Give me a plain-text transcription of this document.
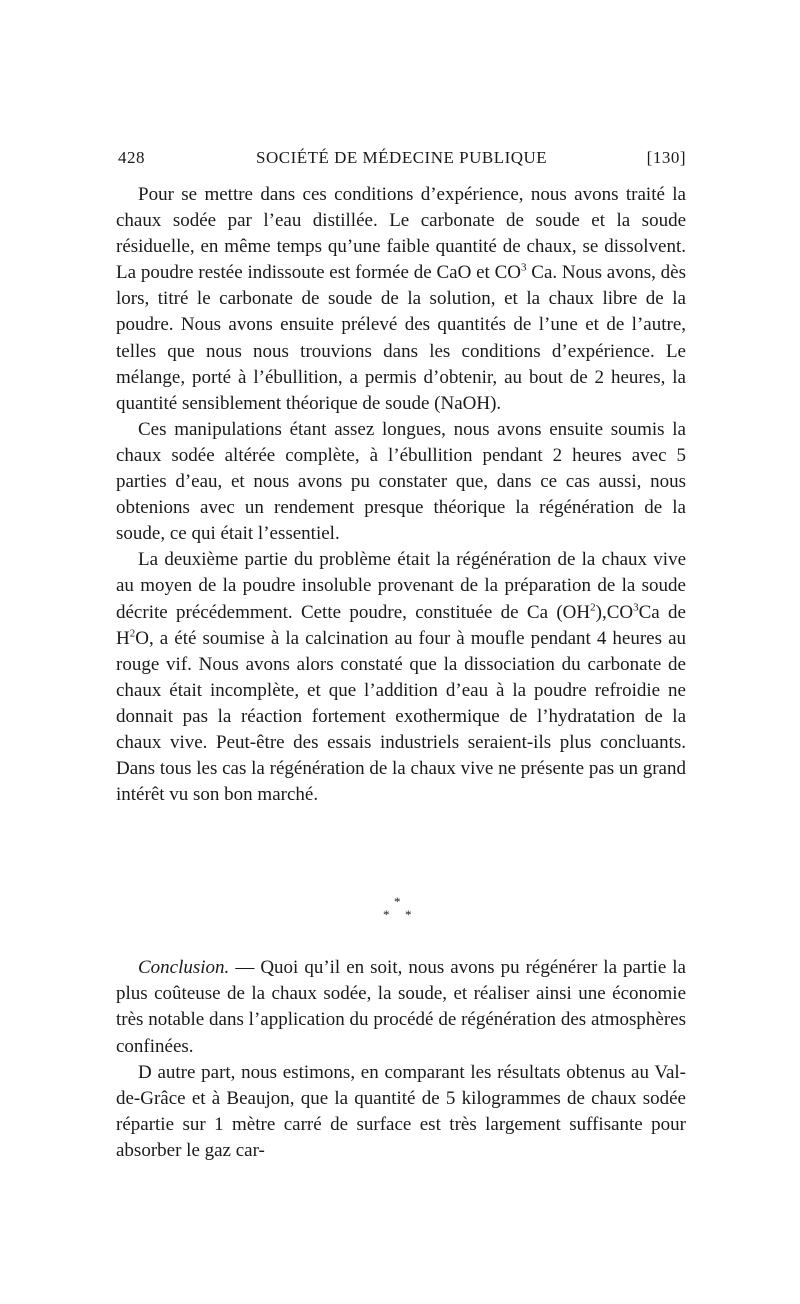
428	SOCIÉTÉ DE MÉDECINE PUBLIQUE	[130]

Pour se mettre dans ces conditions d’expérience, nous avons traité la chaux sodée par l’eau distillée. Le carbonate de soude et la soude résiduelle, en même temps qu’une faible quantité de chaux, se dissolvent. La poudre restée indissoute est formée de CaO et $CO^3$ Ca. Nous avons, dès lors, titré le carbonate de soude de la solution, et la chaux libre de la poudre. Nous avons ensuite prélevé des quantités de l’une et de l’autre, telles que nous nous trouvions dans les conditions d’expérience. Le mélange, porté à l’ébullition, a permis d’obtenir, au bout de 2 heures, la quantité sensiblement théorique de soude (NaOH).

Ces manipulations étant assez longues, nous avons ensuite soumis la chaux sodée altérée complète, à l’ébullition pendant 2 heures avec 5 parties d’eau, et nous avons pu constater que, dans ce cas aussi, nous obtenions avec un rendement presque théorique la régénération de la soude, ce qui était l’essentiel.

La deuxième partie du problème était la régénération de la chaux vive au moyen de la poudre insoluble provenant de la préparation de la soude décrite précédemment. Cette poudre, constituée de Ca $(OH^2),CO^3Ca$ de $H^2O$, a été soumise à la calcination au four à moufle pendant 4 heures au rouge vif. Nous avons alors constaté que la dissociation du carbonate de chaux était incomplète, et que l’addition d’eau à la poudre refroidie ne donnait pas la réaction fortement exothermique de l’hydratation de la chaux vive. Peut-être des essais industriels seraient-ils plus concluants. Dans tous les cas la régénération de la chaux vive ne présente pas un grand intérêt vu son bon marché.

*
* *

Conclusion. — Quoi qu’il en soit, nous avons pu régénérer la partie la plus coûteuse de la chaux sodée, la soude, et réaliser ainsi une économie très notable dans l’application du procédé de régénération des atmosphères confinées.

D autre part, nous estimons, en comparant les résultats obtenus au Val-de-Grâce et à Beaujon, que la quantité de 5 kilogrammes de chaux sodée répartie sur 1 mètre carré de surface est très largement suffisante pour absorber le gaz car-
